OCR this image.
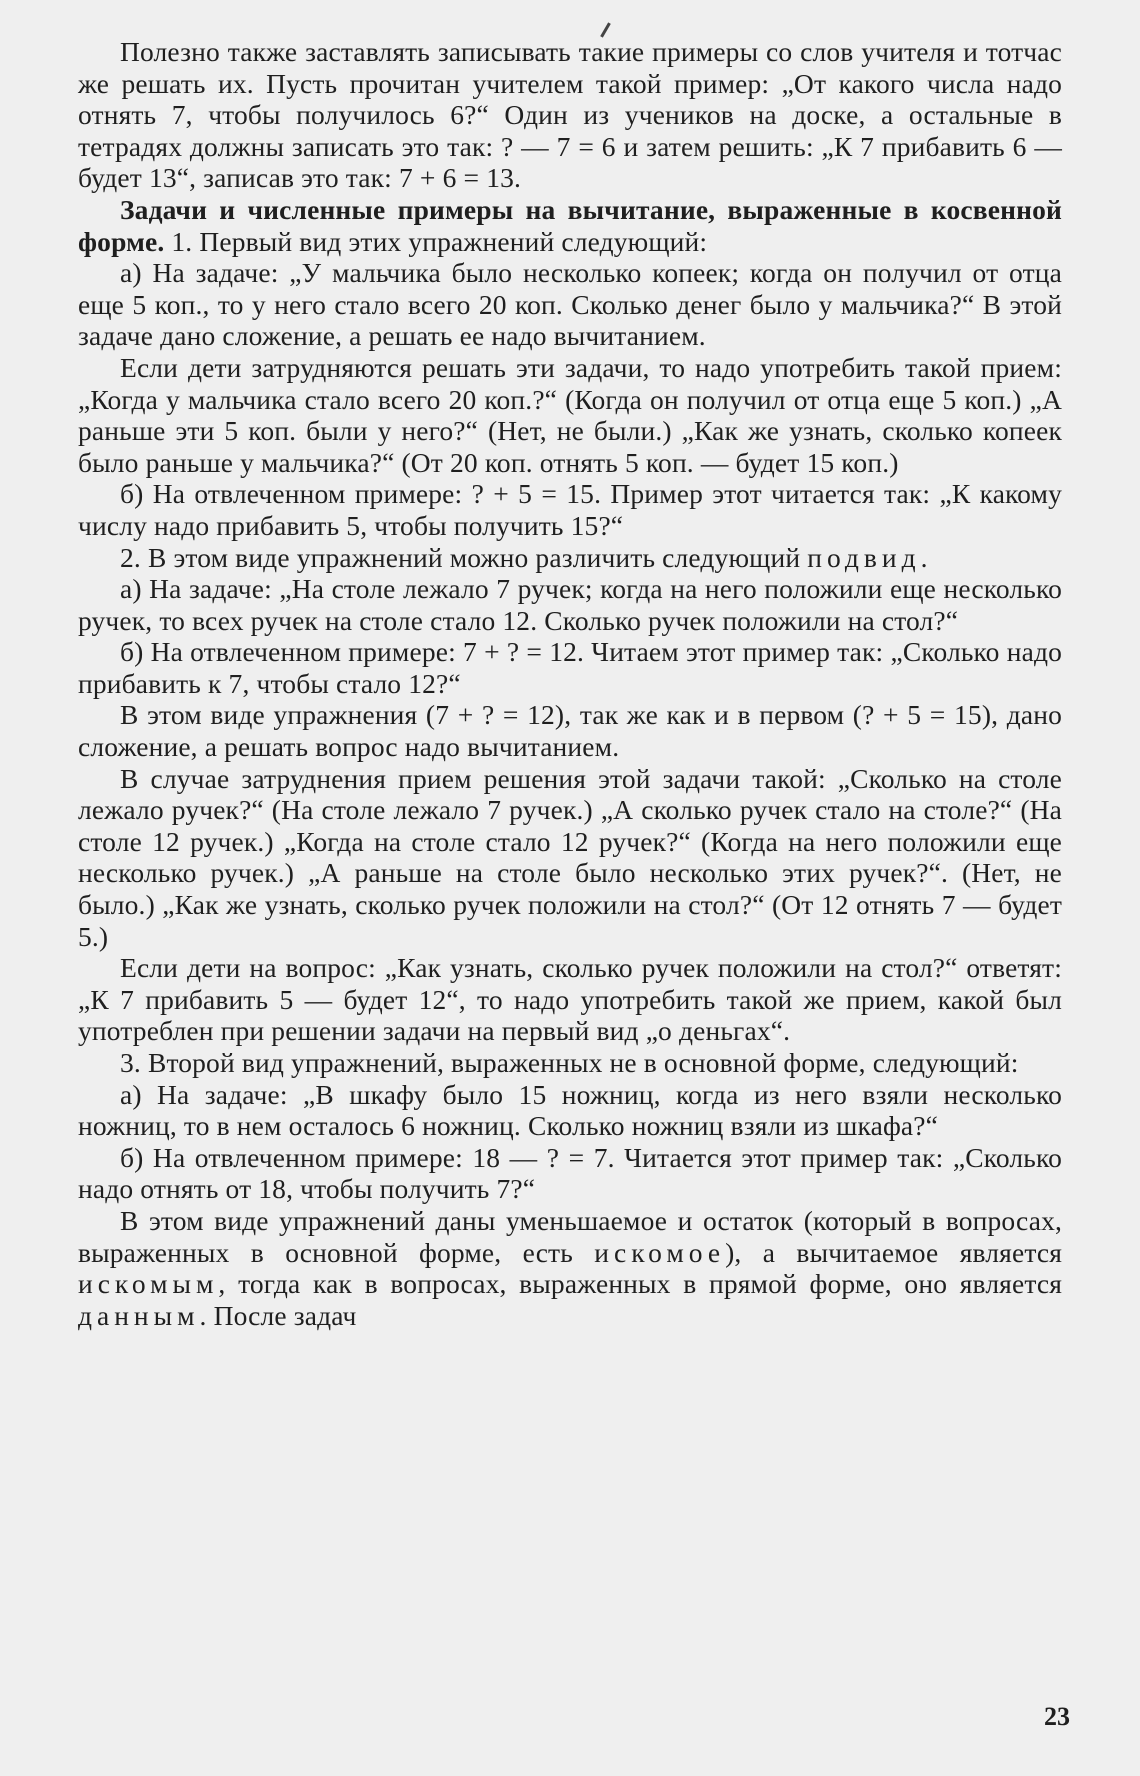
Полезно также заставлять записывать такие примеры со слов учителя и тотчас же решать их. Пусть прочитан учителем такой пример: „От какого числа надо отнять 7, чтобы получилось 6?“ Один из учеников на доске, а остальные в тетрадях должны записать это так: ? — 7 = 6 и затем решить: „К 7 прибавить 6 — будет 13“, записав это так: 7 + 6 = 13.

Задачи и численные примеры на вычитание, выраженные в косвенной форме. 1. Первый вид этих упражнений следующий:

а) На задаче: „У мальчика было несколько копеек; когда он получил от отца еще 5 коп., то у него стало всего 20 коп. Сколько денег было у мальчика?“ В этой задаче дано сложение, а решать ее надо вычитанием.

Если дети затрудняются решать эти задачи, то надо употребить такой прием: „Когда у мальчика стало всего 20 коп.?“ (Когда он получил от отца еще 5 коп.) „А раньше эти 5 коп. были у него?“ (Нет, не были.) „Как же узнать, сколько копеек было раньше у мальчика?“ (От 20 коп. отнять 5 коп. — будет 15 коп.)

б) На отвлеченном примере: ? + 5 = 15. Пример этот читается так: „К какому числу надо прибавить 5, чтобы получить 15?“

2. В этом виде упражнений можно различить следующий подвид.

а) На задаче: „На столе лежало 7 ручек; когда на него положили еще несколько ручек, то всех ручек на столе стало 12. Сколько ручек положили на стол?“

б) На отвлеченном примере: 7 + ? = 12. Читаем этот пример так: „Сколько надо прибавить к 7, чтобы стало 12?“

В этом виде упражнения (7 + ? = 12), так же как и в первом (? + 5 = 15), дано сложение, а решать вопрос надо вычитанием.

В случае затруднения прием решения этой задачи такой: „Сколько на столе лежало ручек?“ (На столе лежало 7 ручек.) „А сколько ручек стало на столе?“ (На столе 12 ручек.) „Когда на столе стало 12 ручек?“ (Когда на него положили еще несколько ручек.) „А раньше на столе было несколько этих ручек?“. (Нет, не было.) „Как же узнать, сколько ручек положили на стол?“ (От 12 отнять 7 — будет 5.)

Если дети на вопрос: „Как узнать, сколько ручек положили на стол?“ ответят: „К 7 прибавить 5 — будет 12“, то надо употребить такой же прием, какой был употреблен при решении задачи на первый вид „о деньгах“.

3. Второй вид упражнений, выраженных не в основной форме, следующий:

а) На задаче: „В шкафу было 15 ножниц, когда из него взяли несколько ножниц, то в нем осталось 6 ножниц. Сколько ножниц взяли из шкафа?“

б) На отвлеченном примере: 18 — ? = 7. Читается этот пример так: „Сколько надо отнять от 18, чтобы получить 7?“

В этом виде упражнений даны уменьшаемое и остаток (который в вопросах, выраженных в основной форме, есть искомое), а вычитаемое является искомым, тогда как в вопросах, выраженных в прямой форме, оно является данным. После задач

23
